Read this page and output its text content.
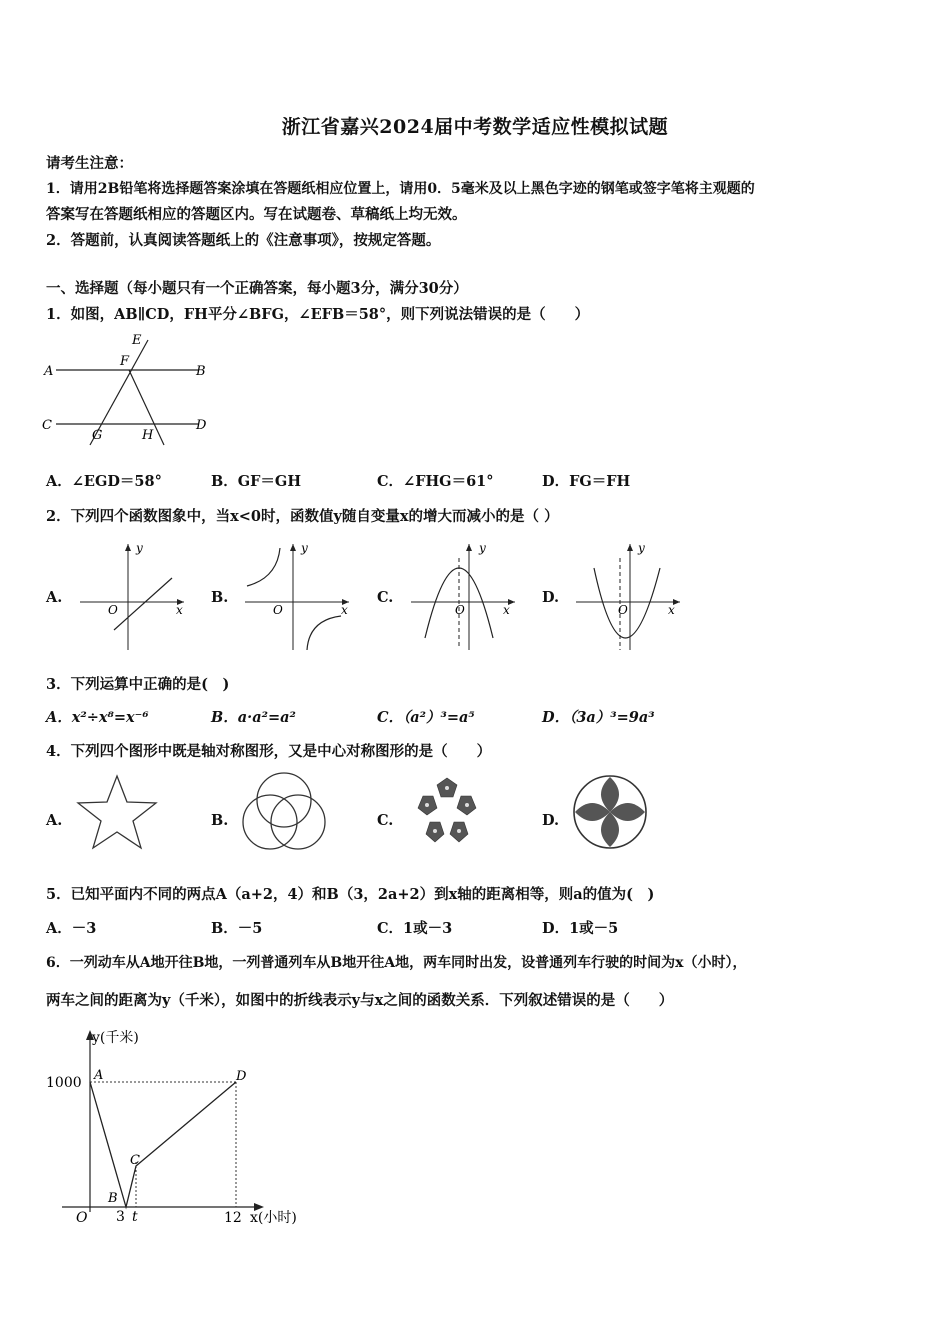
浙江省嘉兴2024届中考数学适应性模拟试题
请考生注意：
1．请用2B铅笔将选择题答案涂填在答题纸相应位置上，请用0．5毫米及以上黑色字迹的钢笔或签字笔将主观题的
答案写在答题纸相应的答题区内。写在试题卷、草稿纸上均无效。
2．答题前，认真阅读答题纸上的《注意事项》，按规定答题。
一、选择题（每小题只有一个正确答案，每小题3分，满分30分）
1．如图，AB∥CD，FH平分∠BFG，∠EFB＝58°，则下列说法错误的是（　　）
A	B
C	D
E
F
G	H
A．∠EGD＝58°	B．GF＝GH	C．∠FHG＝61°	D．FG＝FH
2．下列四个函数图象中，当x<0时，函数值y随自变量x的增大而减小的是（ ）
A.
y
x
O
B.
y
x
O
C.
y
x
O
D.
y
x
O
3．下列运算中正确的是(　)
A．x²÷x⁸=x⁻⁶	B．a·a²=a²	C．（a²）³=a⁵	D．（3a）³=9a³
4．下列四个图形中既是轴对称图形，又是中心对称图形的是（　　）
A.	B.	C.	D.
5．已知平面内不同的两点A（a+2，4）和B（3，2a+2）到x轴的距离相等，则a的值为(　)
A．－3	B．－5	C．1或－3	D．1或－5
6．一列动车从A地开往B地，一列普通列车从B地开往A地，两车同时出发，设普通列车行驶的时间为x（小时），
两车之间的距离为y（千米），如图中的折线表示y与x之间的函数关系．下列叙述错误的是（　　）
y(千米)
x(小时)
1000
O 3 t	12
A
B
C
D
